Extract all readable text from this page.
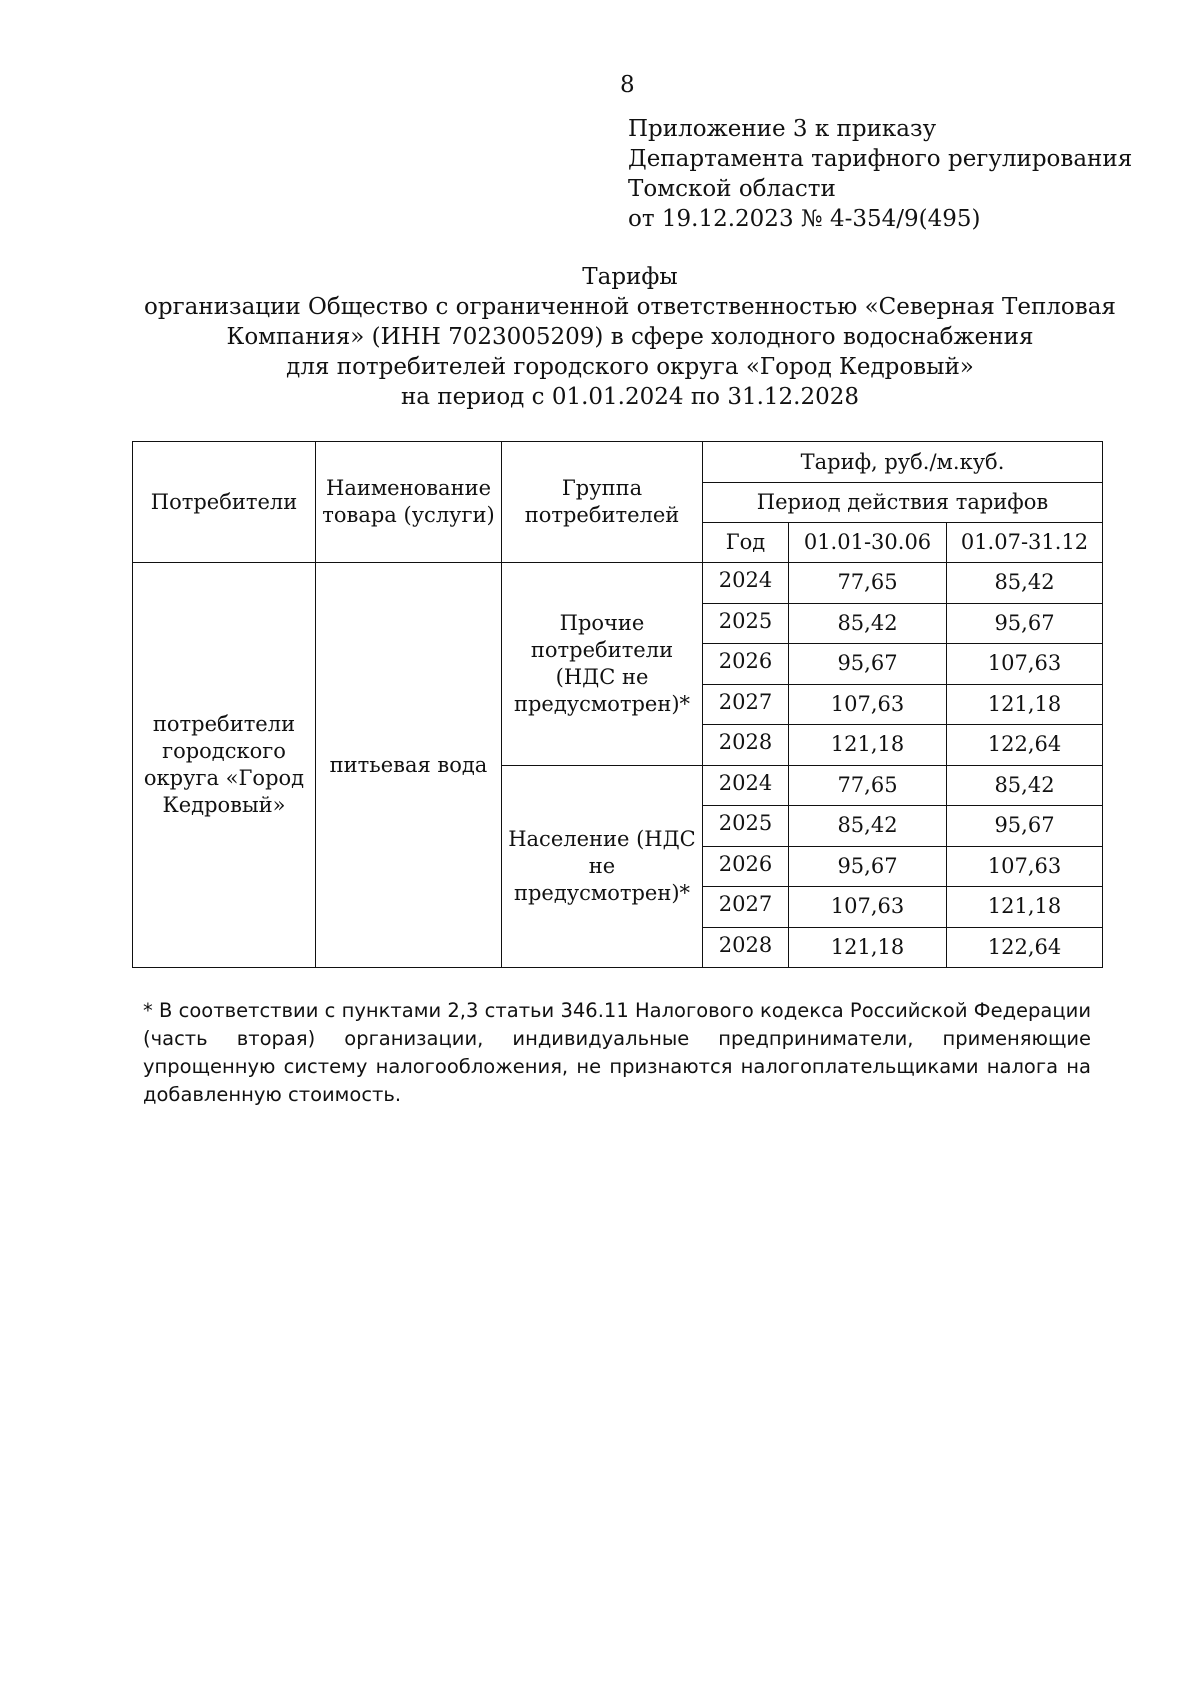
8
Приложение 3 к приказу
Департамента тарифного регулирования
Томской области
от 19.12.2023 № 4-354/9(495)
Тарифы
организации Общество с ограниченной ответственностью «Северная Тепловая
Компания» (ИНН 7023005209) в сфере холодного водоснабжения
для потребителей городского округа «Город Кедровый»
на период с 01.01.2024 по 31.12.2028
Потребители	Наименование товара (услуги)	Группа потребителей	Тариф, руб./м.куб.		
			Период действия тарифов		
			Год	01.01-30.06	01.07-31.12
потребители городского округа «Город Кедровый»	питьевая вода	Прочие потребители (НДС не предусмотрен)*	2024	77,65	85,42
			2025	85,42	95,67
			2026	95,67	107,63
			2027	107,63	121,18
			2028	121,18	122,64
		Население (НДС не предусмотрен)*	2024	77,65	85,42
			2025	85,42	95,67
			2026	95,67	107,63
			2027	107,63	121,18
			2028	121,18	122,64
* В соответствии с пунктами 2,3 статьи 346.11 Налогового кодекса Российской Федерации (часть вторая) организации, индивидуальные предприниматели, применяющие упрощенную систему налогообложения, не признаются налогоплательщиками налога на добавленную стоимость.
